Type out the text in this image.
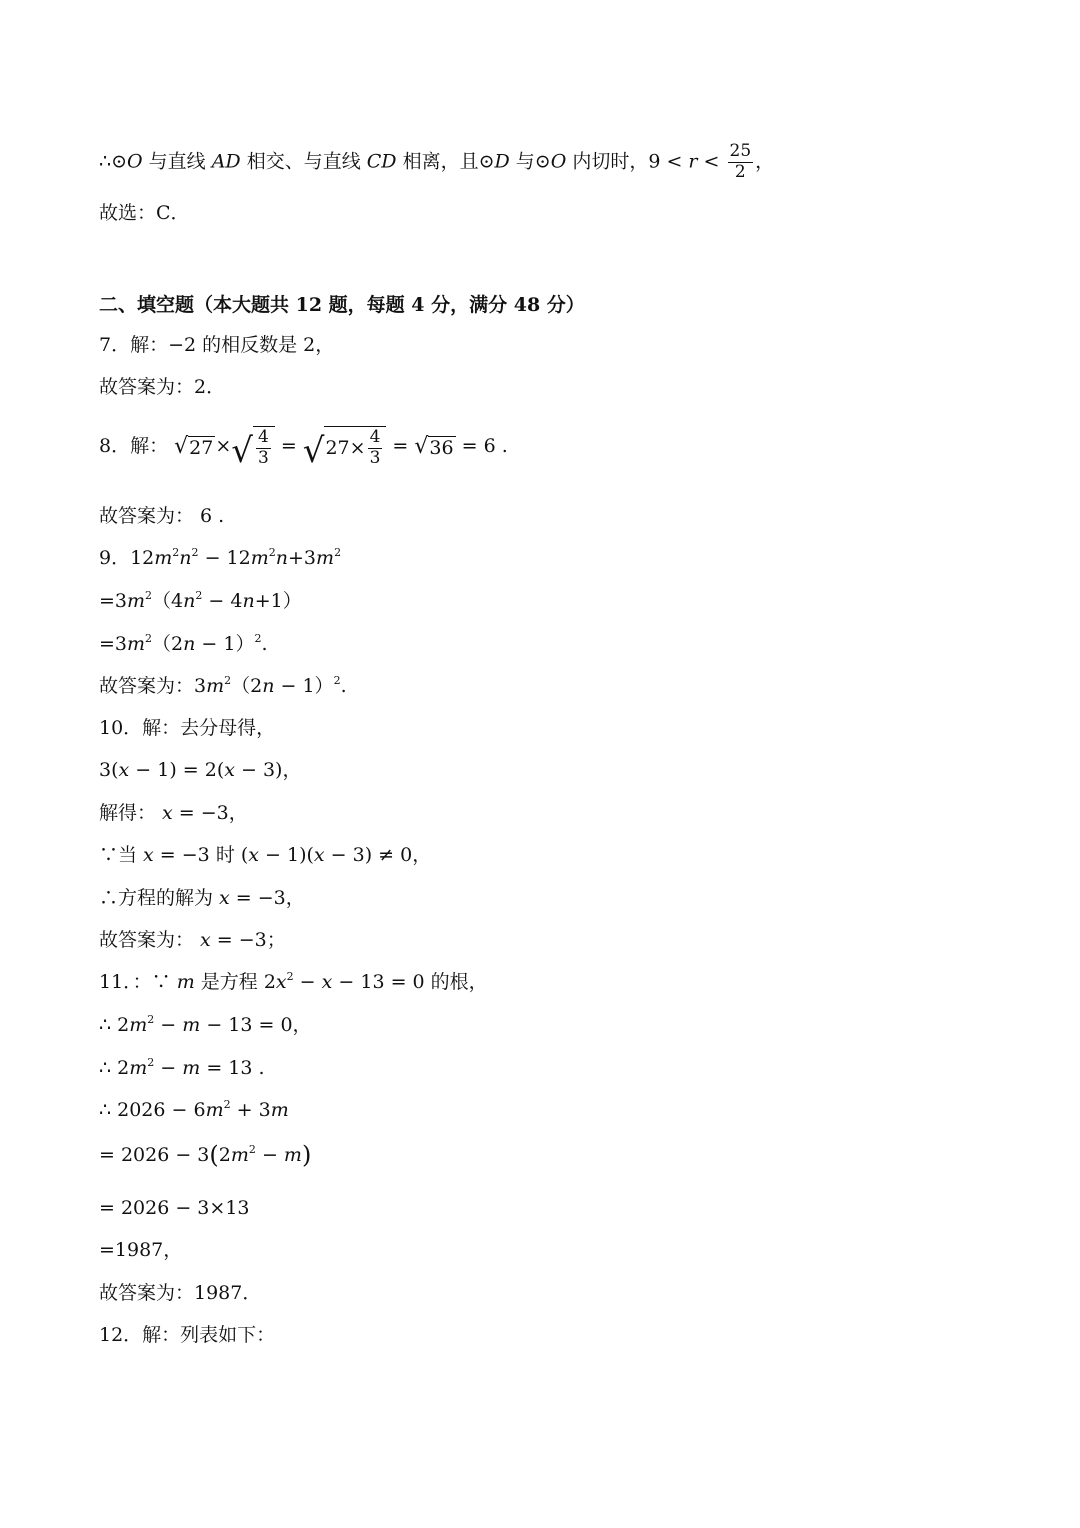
∴⊙O 与直线 AD 相交、与直线 CD 相离，且⊙D 与⊙O 内切时，$9 < r < \frac{25}{2}$ ，
故选：C．
二、填空题（本大题共 12 题，每题 4 分，满分 48 分）
7．解：−2 的相反数是 2，
故答案为：2．
8．解： √ 27 × √ $\frac{4}{3}$ = √ $27\times \frac{4}{3}$ = √ 36 = 6 .
故答案为： 6 .
9．$12m^2n^2 - 12m^2n+3m^2$
$=3m^2(4n^2 - 4n+1)$
$=3m^2(2n - 1)^2$.
故答案为：$3m^2(2n - 1)^2$.
10．解：去分母得，
3(x − 1) = 2(x − 3)，
解得： x = −3，
∵当 x = −3 时 (x − 1)(x − 3) ≠ 0，
∴方程的解为 x = −3，
故答案为： x = −3；
11．：∵ m 是方程 $2x^2 - x - 13 = 0$ 的根，
∴ $2m^2 - m - 13 = 0$，
∴ $2m^2 - m = 13$ .
∴ $2026 - 6m^2 + 3m$
= $2026 - 3(2m^2 - m)$
= 2026 − 3×13
=1987，
故答案为：1987．
12．解：列表如下：
